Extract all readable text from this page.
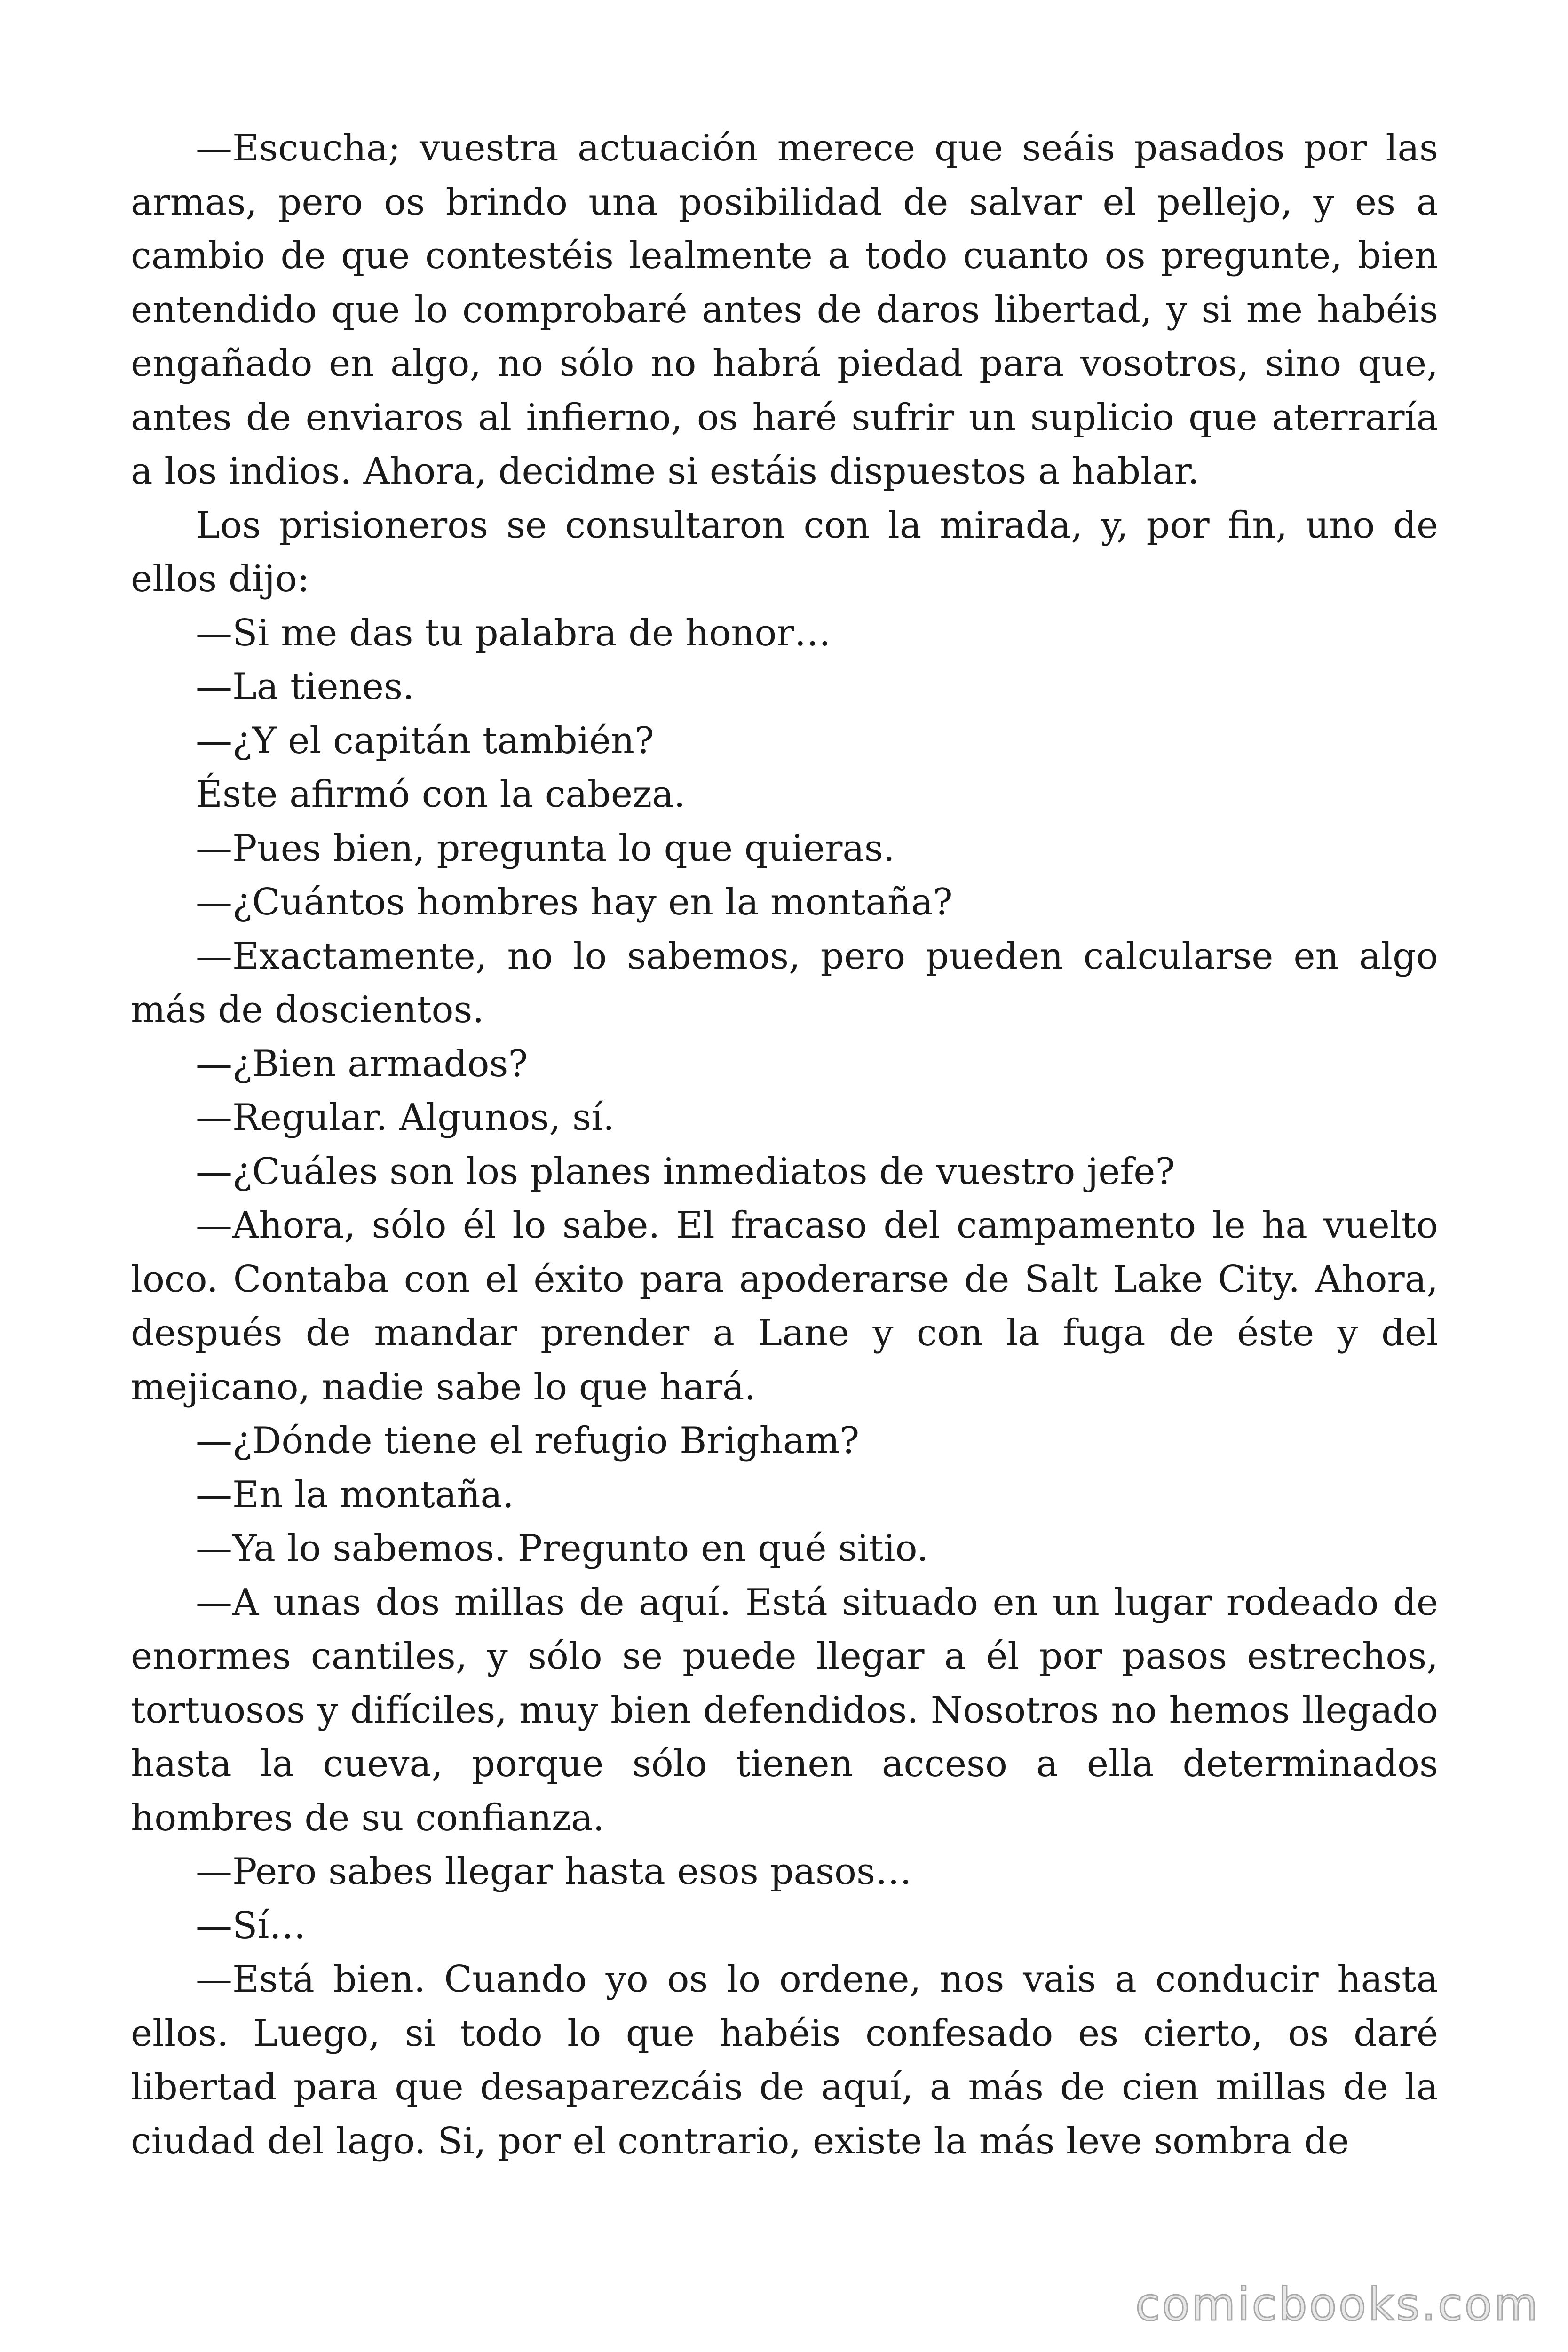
—Escucha; vuestra actuación merece que seáis pasados por las armas, pero os brindo una posibilidad de salvar el pellejo, y es a cambio de que contestéis lealmente a todo cuanto os pregunte, bien entendido que lo comprobaré antes de daros libertad, y si me habéis engañado en algo, no sólo no habrá piedad para vosotros, sino que, antes de enviaros al infierno, os haré sufrir un suplicio que aterraría a los indios. Ahora, decidme si estáis dispuestos a hablar.

Los prisioneros se consultaron con la mirada, y, por fin, uno de ellos dijo:

—Si me das tu palabra de honor…

—La tienes.

—¿Y el capitán también?

Éste afirmó con la cabeza.

—Pues bien, pregunta lo que quieras.

—¿Cuántos hombres hay en la montaña?

—Exactamente, no lo sabemos, pero pueden calcularse en algo más de doscientos.

—¿Bien armados?

—Regular. Algunos, sí.

—¿Cuáles son los planes inmediatos de vuestro jefe?

—Ahora, sólo él lo sabe. El fracaso del campamento le ha vuelto loco. Contaba con el éxito para apoderarse de Salt Lake City. Ahora, después de mandar prender a Lane y con la fuga de éste y del mejicano, nadie sabe lo que hará.

—¿Dónde tiene el refugio Brigham?

—En la montaña.

—Ya lo sabemos. Pregunto en qué sitio.

—A unas dos millas de aquí. Está situado en un lugar rodeado de enormes cantiles, y sólo se puede llegar a él por pasos estrechos, tortuosos y difíciles, muy bien defendidos. Nosotros no hemos llegado hasta la cueva, porque sólo tienen acceso a ella determinados hombres de su confianza.

—Pero sabes llegar hasta esos pasos…

—Sí…

—Está bien. Cuando yo os lo ordene, nos vais a conducir hasta ellos. Luego, si todo lo que habéis confesado es cierto, os daré libertad para que desaparezcáis de aquí, a más de cien millas de la ciudad del lago. Si, por el contrario, existe la más leve sombra de

comicbooks.com
